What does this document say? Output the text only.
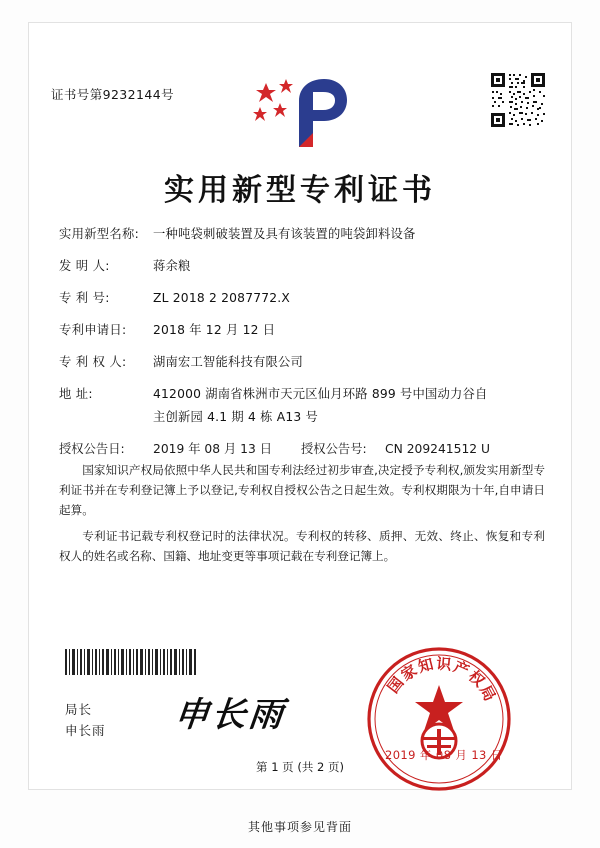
证书号第9232144号
实用新型专利证书
实用新型名称:	一种吨袋刺破装置及具有该装置的吨袋卸料设备
发 明 人:	蒋余粮
专 利 号:	ZL 2018 2 2087772.X
专利申请日:	2018 年 12 月 12 日
专 利 权 人:	湖南宏工智能科技有限公司
地 址:	412000 湖南省株洲市天元区仙月环路 899 号中国动力谷自
主创新园 4.1 期 4 栋 A13 号
授权公告日:	2019 年 08 月 13 日 授权公告号:	CN 209241512 U

国家知识产权局依照中华人民共和国专利法经过初步审查,决定授予专利权,颁发实用新型专利证书并在专利登记簿上予以登记,专利权自授权公告之日起生效。专利权期限为十年,自申请日起算。

专利证书记载专利权登记时的法律状况。专利权的转移、质押、无效、终止、恢复和专利权人的姓名或名称、国籍、地址变更等事项记载在专利登记簿上。

局长
申长雨 申长雨
国
家
知 识
产
权
局
2019 年 08 月 13 日
第 1 页 (共 2 页)
其他事项参见背面
